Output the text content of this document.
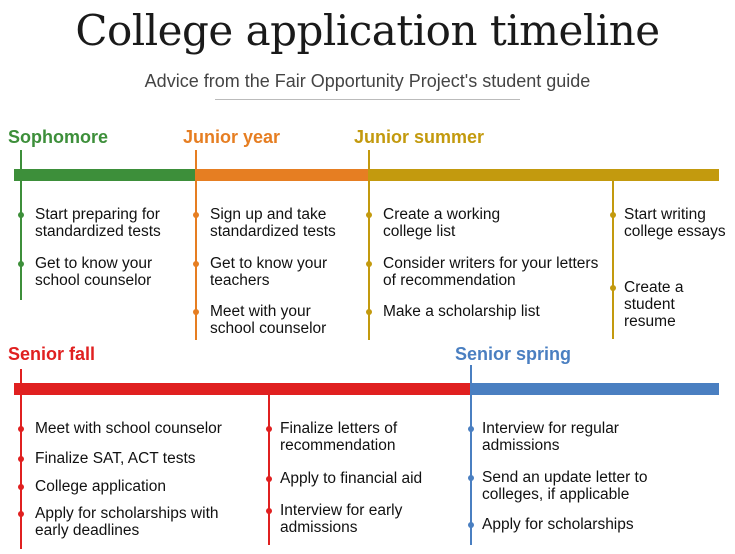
College application timeline
Advice from the Fair Opportunity Project's student guide
Sophomore	Junior year	Junior summer
Start preparing for standardized tests
Get to know your school counselor
Sign up and take standardized tests
Get to know your teachers
Meet with your school counselor
Create a working college list
Consider writers for your letters of recommendation
Make a scholarship list
Start writing college essays
Create a student resume
Senior fall	Senior spring
Meet with school counselor
Finalize SAT, ACT tests
College application
Apply for scholarships with early deadlines
Finalize letters of recommendation
Apply to financial aid
Interview for early admissions
Interview for regular admissions
Send an update letter to colleges, if applicable
Apply for scholarships
